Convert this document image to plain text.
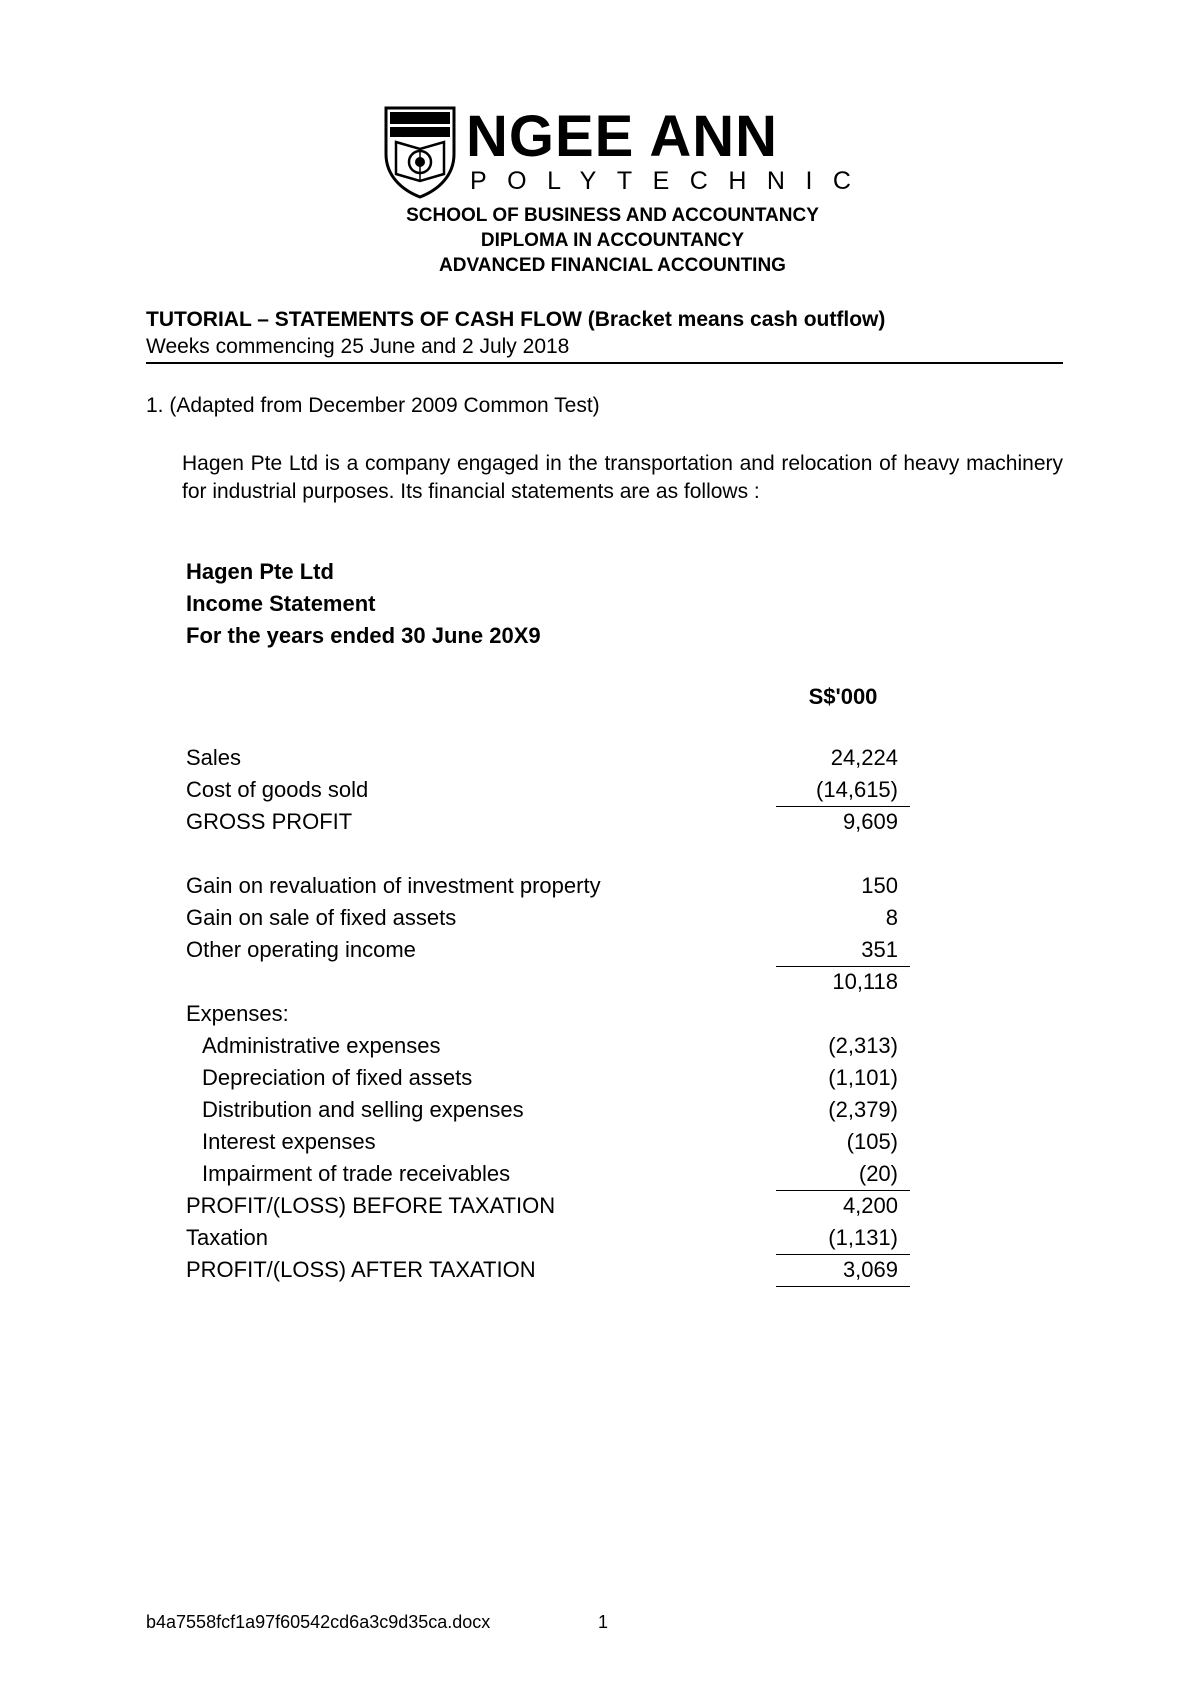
NGEE ANN
POLYTECHNIC
SCHOOL OF BUSINESS AND ACCOUNTANCY
DIPLOMA IN ACCOUNTANCY
ADVANCED FINANCIAL ACCOUNTING
TUTORIAL – STATEMENTS OF CASH FLOW (Bracket means cash outflow)
Weeks commencing 25 June and 2 July 2018
1. (Adapted from December 2009 Common Test)
Hagen Pte Ltd is a company engaged in the transportation and relocation of heavy machinery for industrial purposes. Its financial statements are as follows :
Hagen Pte Ltd
Income Statement
For the years ended 30 June 20X9
S$'000
Sales	24,224
Cost of goods sold	(14,615)
GROSS PROFIT	9,609
Gain on revaluation of investment property	150
Gain on sale of fixed assets	8
Other operating income	351
10,118
Expenses:
Administrative expenses	(2,313)
Depreciation of fixed assets	(1,101)
Distribution and selling expenses	(2,379)
Interest expenses	(105)
Impairment of trade receivables	(20)
PROFIT/(LOSS) BEFORE TAXATION	4,200
Taxation	(1,131)
PROFIT/(LOSS) AFTER TAXATION	3,069
b4a7558fcf1a97f60542cd6a3c9d35ca.docx	1
